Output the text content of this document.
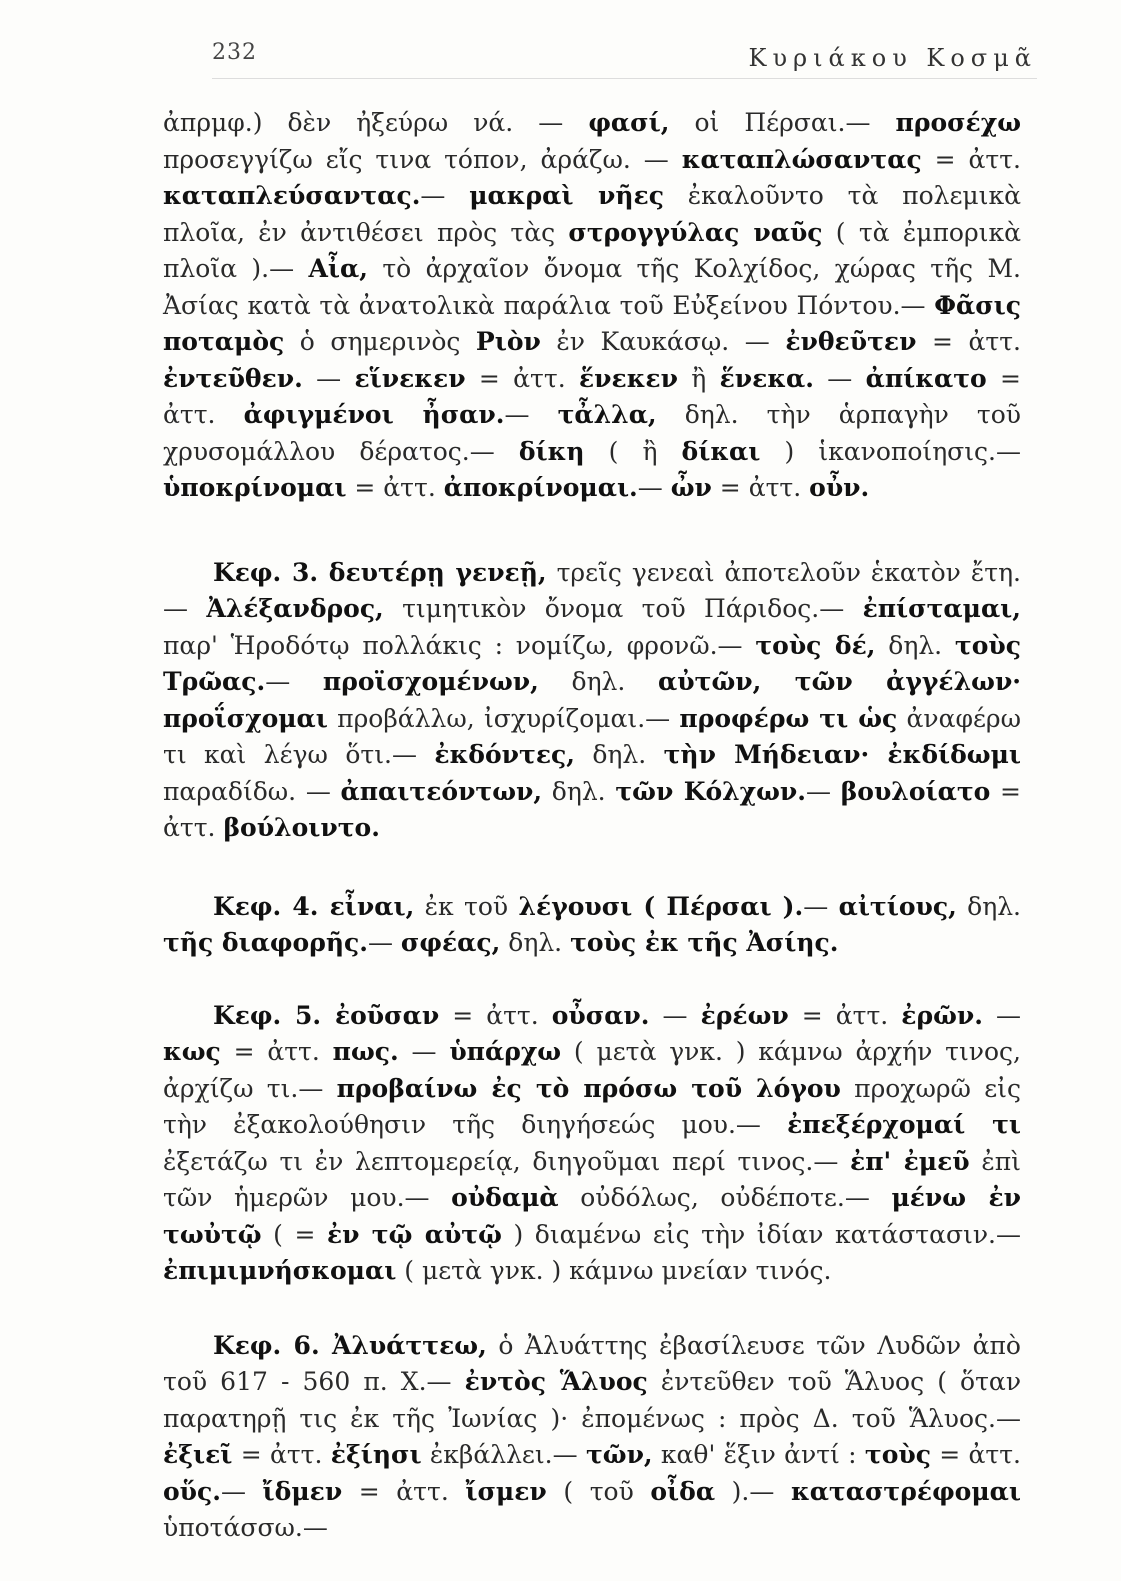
232	Κυριάκου Κοσμᾶ

ἀπρμφ.) δὲν ἠξεύρω νά. — φασί, οἱ Πέρσαι.— προσέχω προσεγγίζω εἴς τινα τόπον, ἀράζω. — καταπλώσαντας = ἀττ. καταπλεύσαντας.— μακραὶ νῆες ἐκαλοῦντο τὰ πολεμικὰ πλοῖα, ἐν ἀντιθέσει πρὸς τὰς στρογγύλας ναῦς ( τὰ ἐμπορικὰ πλοῖα ).— Αἶα, τὸ ἀρχαῖον ὄνομα τῆς Κολχίδος, χώρας τῆς Μ. Ἀσίας κατὰ τὰ ἀνατολικὰ παράλια τοῦ Εὐξείνου Πόντου.— Φᾶσις ποταμὸς ὁ σημερινὸς Ριὸν ἐν Καυκάσῳ. — ἐνθεῦτεν = ἀττ. ἐντεῦθεν. — εἵνεκεν = ἀττ. ἕνεκεν ἢ ἕνεκα. — ἀπίκατο = ἀττ. ἀφιγμένοι ἦσαν.— τἆλλα, δηλ. τὴν ἁρπαγὴν τοῦ χρυσομάλλου δέρατος.— δίκη ( ἢ δίκαι ) ἱκανοποίησις.— ὑποκρίνομαι = ἀττ. ἀποκρίνομαι.— ὦν = ἀττ. οὖν.

Κεφ. 3. δευτέρῃ γενεῇ, τρεῖς γενεαὶ ἀποτελοῦν ἑκατὸν ἔτη.— Ἀλέξανδρος, τιμητικὸν ὄνομα τοῦ Πάριδος.— ἐπίσταμαι, παρ' Ἡροδότῳ πολλάκις : νομίζω, φρονῶ.— τοὺς δέ, δηλ. τοὺς Τρῶας.— προϊσχομένων, δηλ. αὐτῶν, τῶν ἀγγέλων· προΐσχομαι προβάλλω, ἰσχυρίζομαι.— προφέρω τι ὡς ἀναφέρω τι καὶ λέγω ὅτι.— ἐκδόντες, δηλ. τὴν Μήδειαν· ἐκδίδωμι παραδίδω. — ἀπαιτεόντων, δηλ. τῶν Κόλχων.— βουλοίατο = ἀττ. βούλοιντο.

Κεφ. 4. εἶναι, ἐκ τοῦ λέγουσι ( Πέρσαι ).— αἰτίους, δηλ. τῆς διαφορῆς.— σφέας, δηλ. τοὺς ἐκ τῆς Ἀσίης.

Κεφ. 5. ἐοῦσαν = ἀττ. οὖσαν. — ἐρέων = ἀττ. ἐρῶν. — κως = ἀττ. πως. — ὑπάρχω ( μετὰ γνκ. ) κάμνω ἀρχήν τινος, ἀρχίζω τι.— προβαίνω ἐς τὸ πρόσω τοῦ λόγου προχωρῶ εἰς τὴν ἐξακολούθησιν τῆς διηγήσεώς μου.— ἐπεξέρχομαί τι ἐξετάζω τι ἐν λεπτομερείᾳ, διηγοῦμαι περί τινος.— ἐπ' ἐμεῦ ἐπὶ τῶν ἡμερῶν μου.— οὐδαμὰ οὐδόλως, οὐδέποτε.— μένω ἐν τωὐτῷ ( = ἐν τῷ αὐτῷ ) διαμένω εἰς τὴν ἰδίαν κατάστασιν.— ἐπιμιμνήσκομαι ( μετὰ γνκ. ) κάμνω μνείαν τινός.

Κεφ. 6. Ἀλυάττεω, ὁ Ἀλυάττης ἐβασίλευσε τῶν Λυδῶν ἀπὸ τοῦ 617 - 560 π. Χ.— ἐντὸς Ἅλυος ἐντεῦθεν τοῦ Ἅλυος ( ὅταν παρατηρῇ τις ἐκ τῆς Ἰωνίας )· ἐπομένως : πρὸς Δ. τοῦ Ἅλυος.— ἐξιεῖ = ἀττ. ἐξίησι ἐκβάλλει.— τῶν, καθ' ἕξιν ἀντί : τοὺς = ἀττ. οὕς.— ἴδμεν = ἀττ. ἴσμεν ( τοῦ οἶδα ).— καταστρέφομαι ὑποτάσσω.—
